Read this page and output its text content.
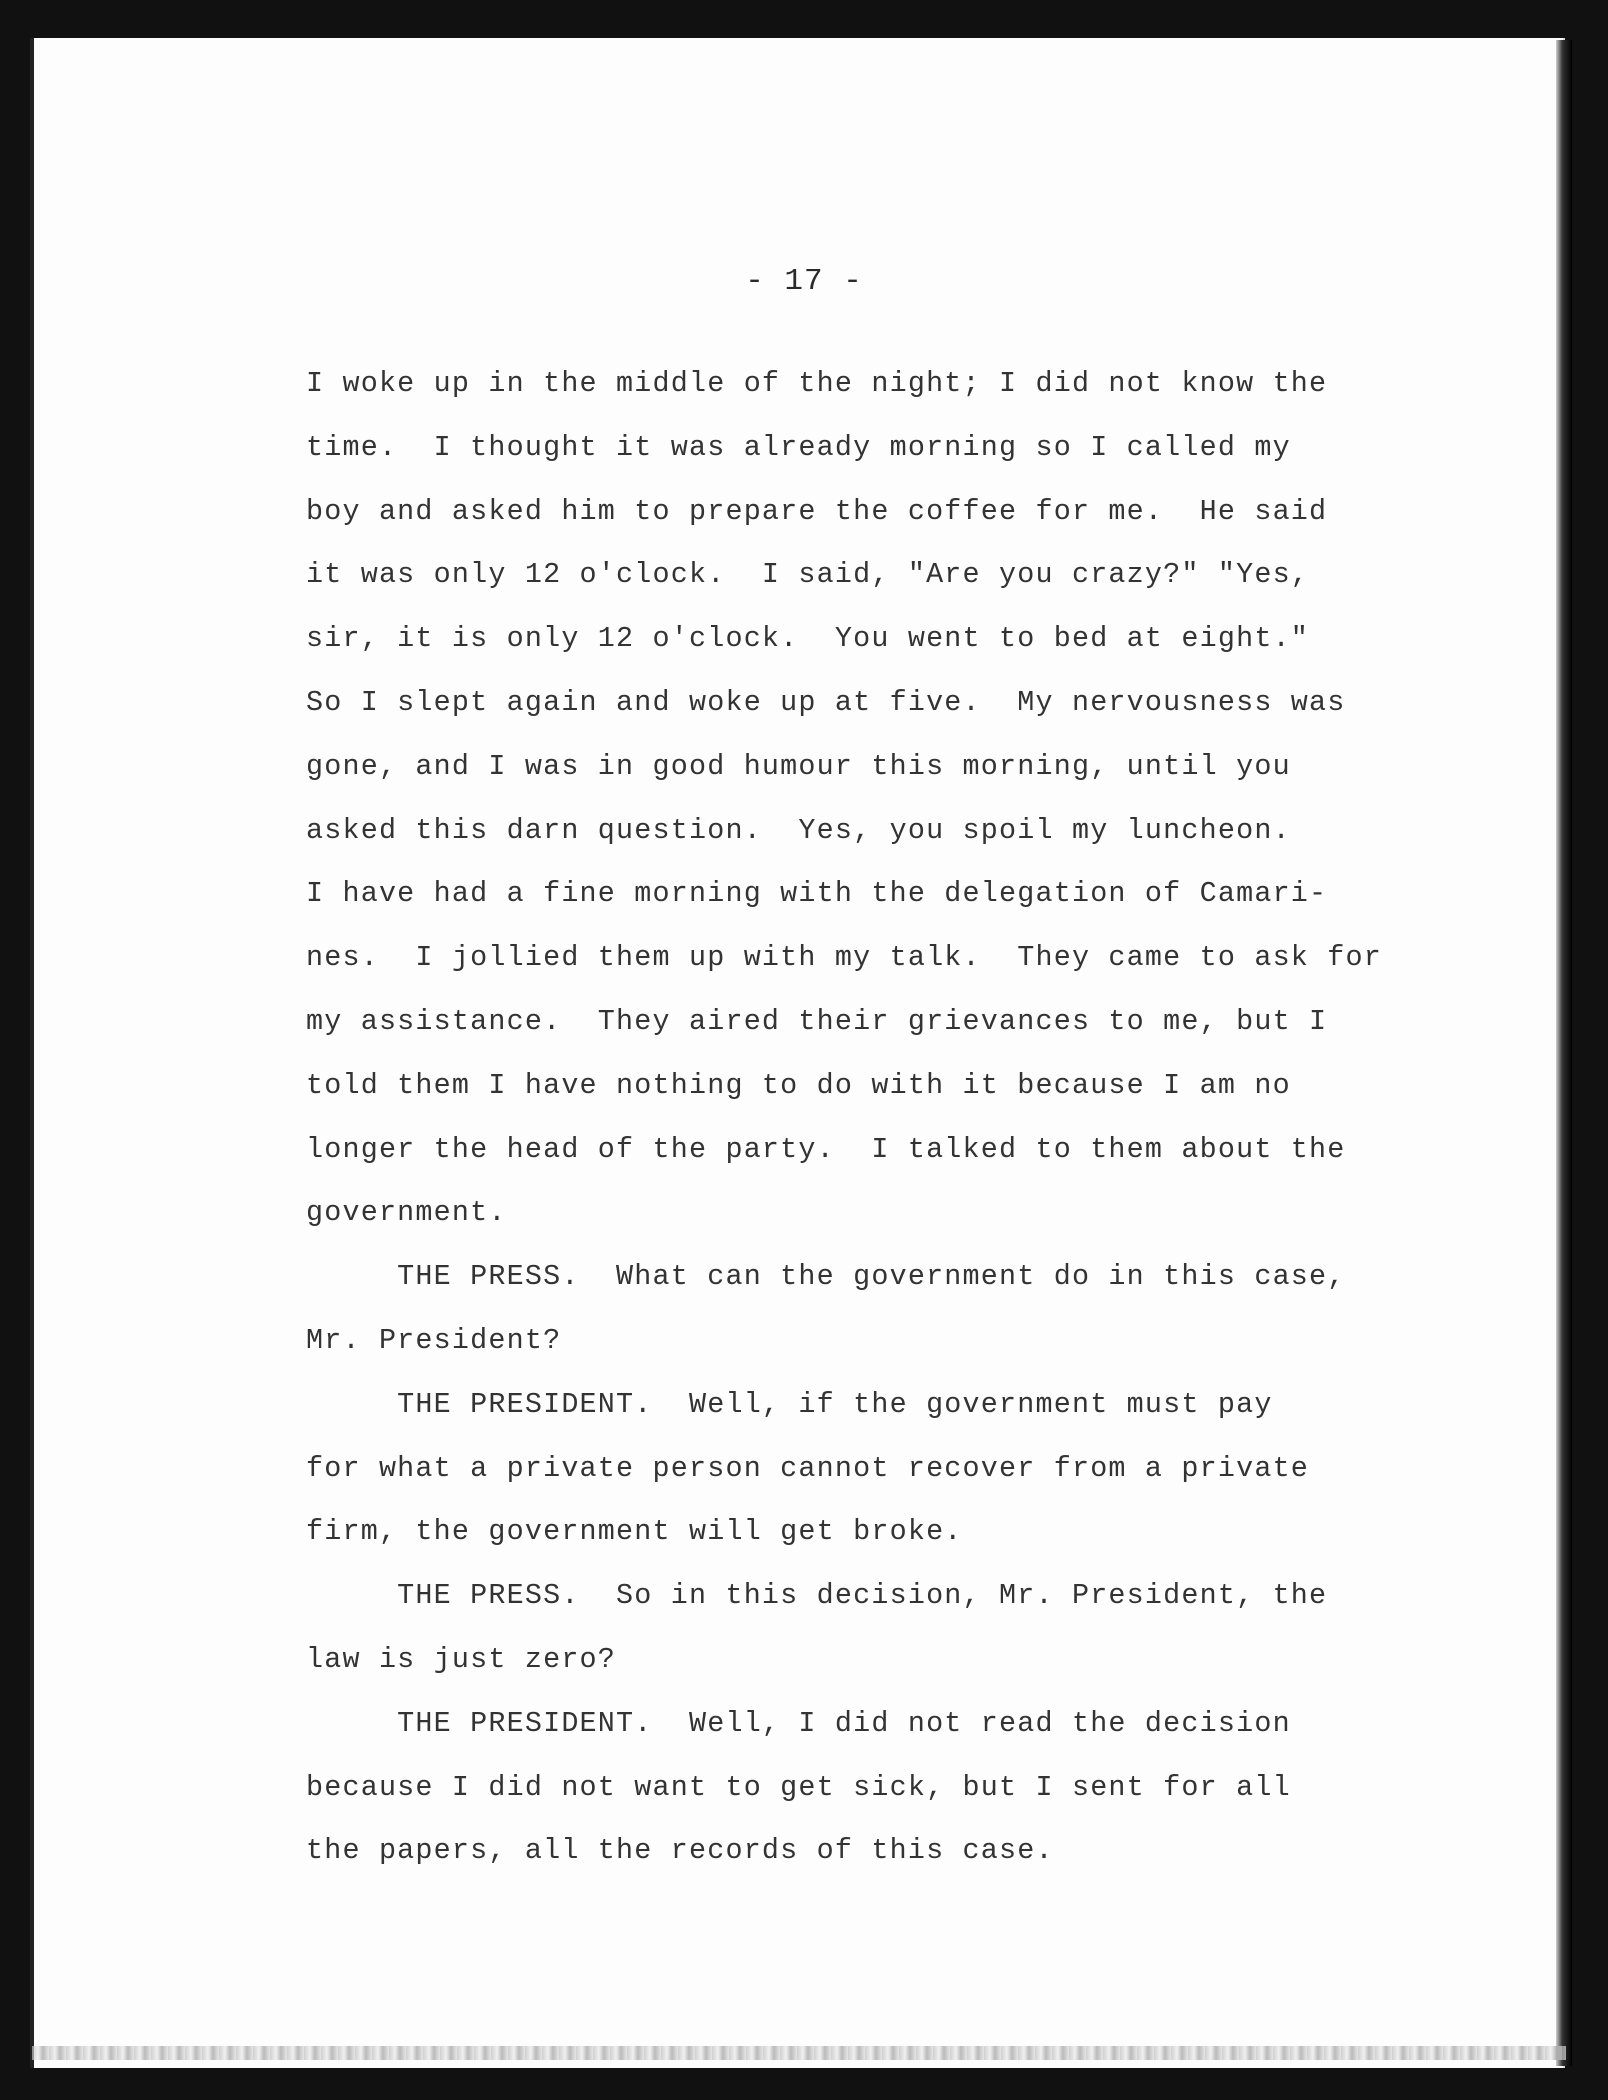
- 17 -
I woke up in the middle of the night; I did not know the
time.  I thought it was already morning so I called my
boy and asked him to prepare the coffee for me.  He said
it was only 12 o'clock.  I said, "Are you crazy?" "Yes,
sir, it is only 12 o'clock.  You went to bed at eight."
So I slept again and woke up at five.  My nervousness was
gone, and I was in good humour this morning, until you
asked this darn question.  Yes, you spoil my luncheon.
I have had a fine morning with the delegation of Camari-
nes.  I jollied them up with my talk.  They came to ask for
my assistance.  They aired their grievances to me, but I
told them I have nothing to do with it because I am no
longer the head of the party.  I talked to them about the
government.
THE PRESS.  What can the government do in this case,
Mr. President?
THE PRESIDENT.  Well, if the government must pay
for what a private person cannot recover from a private
firm, the government will get broke.
THE PRESS.  So in this decision, Mr. President, the
law is just zero?
THE PRESIDENT.  Well, I did not read the decision
because I did not want to get sick, but I sent for all
the papers, all the records of this case.
